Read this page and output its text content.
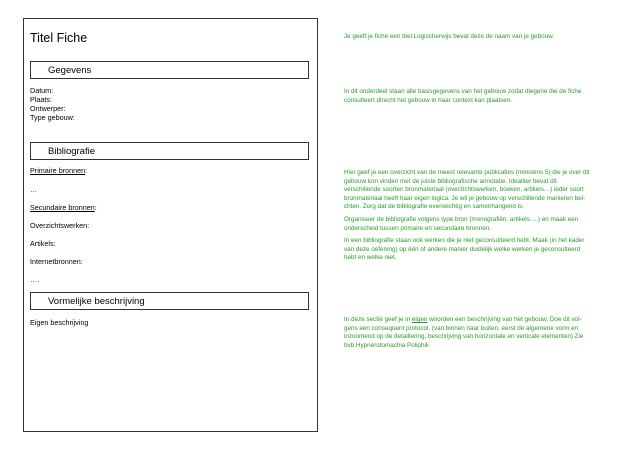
Titel Fiche
Gegevens
Datum:
Plaats:
Ontwerper:
Type gebouw:
Bibliografie
Primaire bronnen:
…
Secundaire bronnen:
Overzichtswerken:
Artikels:
Internetbronnen:
….
Vormelijke beschrijving
Eigen beschrijving
Je geeft je fiche een titel.Logischerwijs bevat deze de naam van je gebouw.
In dit onderdeel staan alle basisgegevens van het gebouw zodat diegene die de fiche consulteert direcht het gebouw in haar context kan plaatsen.

Hier geef je een overzicht van de meest relevante publicaties (minstens 5) die je over dit gebouw kon vinden met de juiste bibliografische annotatie. Idealiter bevat dit verschillende soorten bronmateriaal (overzichtswerken, boeken, artikels…) ieder soort bronmateriaal heeft haar eigen logica. Je wil je gebouw op verschillende manieren bel-chten. Zorg dat de bibliografie evenwichtig en samenhangend is.

Organiseer de bibliografie volgens type bron (monografiën, artikels….) en maak een onderscheid tussen primaire en secundaire bronnen.

In een bibliografie staan ook werken die je niet geconsulteerd hebt. Maak (in het kader van deze oefening) op één of andere manier duidelijk welke werken je geconsulteerd hebt en welke niet.

In deze sectie geef je in eigen woorden een beschrijving van het gebouw. Doe dit vol-gens een consequent protocol. (van binnen naar buiten, eerst de algemene vorm en inzoomend op de detaillering, beschrijving van horizontale en verticale elementen) Zie bvb Hypnerotomachia Poliphili
